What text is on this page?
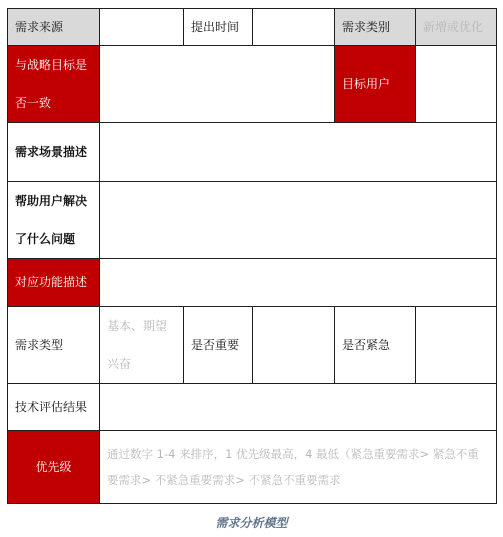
需求来源		提出时间		需求类别	新增或优化
与战略目标是否一致				目标用户	
需求场景描述					
帮助用户解决了什么问题					
对应功能描述					
需求类型	基本、期望兴奋	是否重要		是否紧急	
技术评估结果					
优先级	通过数字 1-4 来排序，1 优先级最高，4 最低（紧急重要需求> 紧急不重要需求> 不紧急重要需求> 不紧急不重要需求				
需求分析模型
